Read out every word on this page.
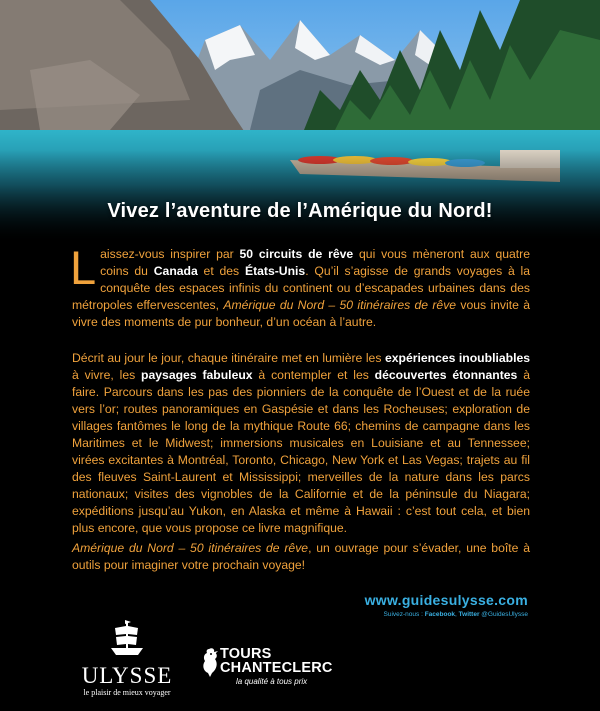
Vivez l’aventure de l’Amérique du Nord!

Laissez-vous inspirer par 50 circuits de rêve qui vous mèneront aux quatre coins du Canada et des États-Unis. Qu’il s’agisse de grands voyages à la conquête des espaces infinis du continent ou d’escapades urbaines dans des métropoles effervescentes, Amérique du Nord – 50 itinéraires de rêve vous invite à vivre des moments de pur bonheur, d’un océan à l’autre.

Décrit au jour le jour, chaque itinéraire met en lumière les expériences inoubliables à vivre, les paysages fabuleux à contempler et les découvertes étonnantes à faire. Parcours dans les pas des pionniers de la conquête de l’Ouest et de la ruée vers l’or; routes panoramiques en Gaspésie et dans les Rocheuses; exploration de villages fantômes le long de la mythique Route 66; chemins de campagne dans les Maritimes et le Midwest; immersions musicales en Louisiane et au Tennessee; virées excitantes à Montréal, Toronto, Chicago, New York et Las Vegas; trajets au fil des fleuves Saint-Laurent et Mississippi; merveilles de la nature dans les parcs nationaux; visites des vignobles de la Californie et de la péninsule du Niagara; expéditions jusqu’au Yukon, en Alaska et même à Hawaii : c’est tout cela, et bien plus encore, que vous propose ce livre magnifique.

Amérique du Nord – 50 itinéraires de rêve, un ouvrage pour s’évader, une boîte à outils pour imaginer votre prochain voyage!

www.guidesulysse.com
Suivez-nous : Facebook, Twitter @GuidesUlysse
ULYSSE
le plaisir de mieux voyager
TOURS
CHANTECLERC
la qualité à tous prix
